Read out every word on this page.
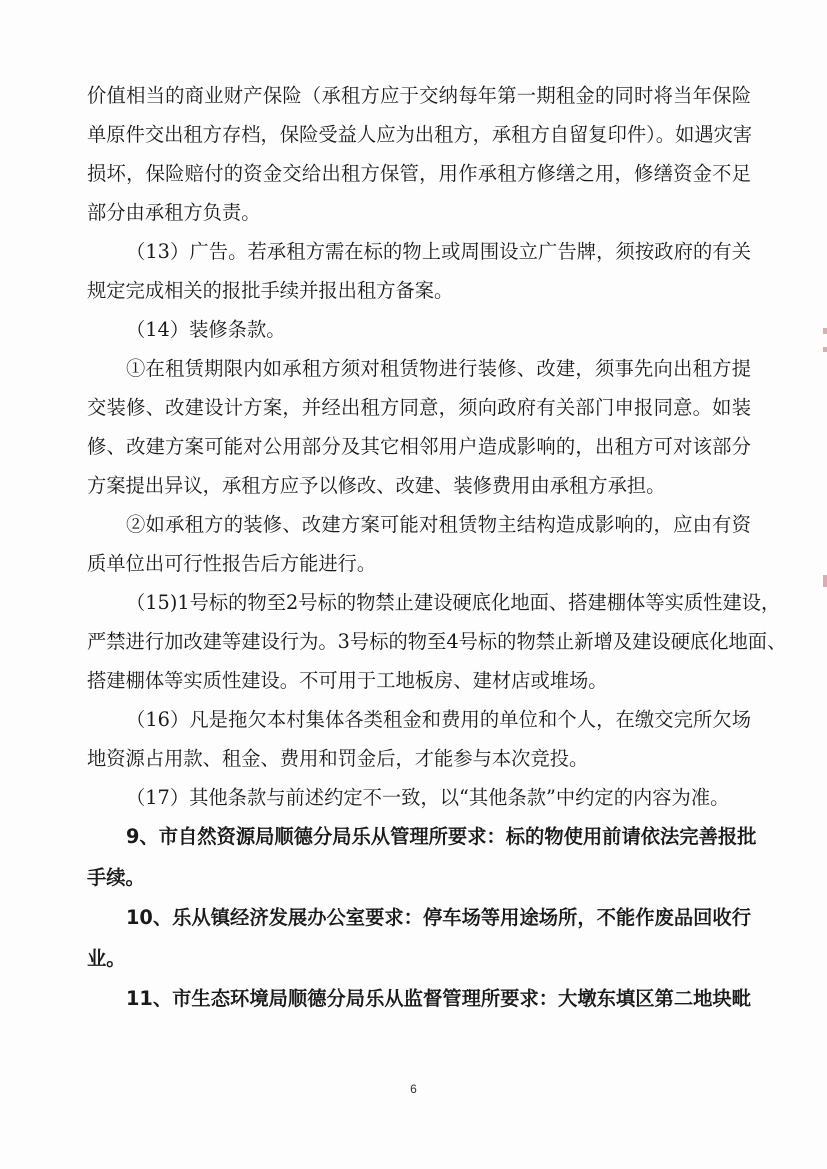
价值相当的商业财产保险（承租方应于交纳每年第一期租金的同时将当年保险
单原件交出租方存档，保险受益人应为出租方，承租方自留复印件）。如遇灾害
损坏，保险赔付的资金交给出租方保管，用作承租方修缮之用，修缮资金不足
部分由承租方负责。
（13）广告。若承租方需在标的物上或周围设立广告牌，须按政府的有关
规定完成相关的报批手续并报出租方备案。
（14）装修条款。
①在租赁期限内如承租方须对租赁物进行装修、改建，须事先向出租方提
交装修、改建设计方案，并经出租方同意，须向政府有关部门申报同意。如装
修、改建方案可能对公用部分及其它相邻用户造成影响的，出租方可对该部分
方案提出异议，承租方应予以修改、改建、装修费用由承租方承担。
②如承租方的装修、改建方案可能对租赁物主结构造成影响的，应由有资
质单位出可行性报告后方能进行。
（15)1号标的物至2号标的物禁止建设硬底化地面、搭建棚体等实质性建设，
严禁进行加改建等建设行为。3号标的物至4号标的物禁止新增及建设硬底化地面、
搭建棚体等实质性建设。不可用于工地板房、建材店或堆场。
（16）凡是拖欠本村集体各类租金和费用的单位和个人，在缴交完所欠场
地资源占用款、租金、费用和罚金后，才能参与本次竞投。
（17）其他条款与前述约定不一致，以“其他条款”中约定的内容为准。
9、市自然资源局顺德分局乐从管理所要求：标的物使用前请依法完善报批
手续。
10、乐从镇经济发展办公室要求：停车场等用途场所，不能作废品回收行
业。
11、市生态环境局顺德分局乐从监督管理所要求：大墩东填区第二地块毗
6
